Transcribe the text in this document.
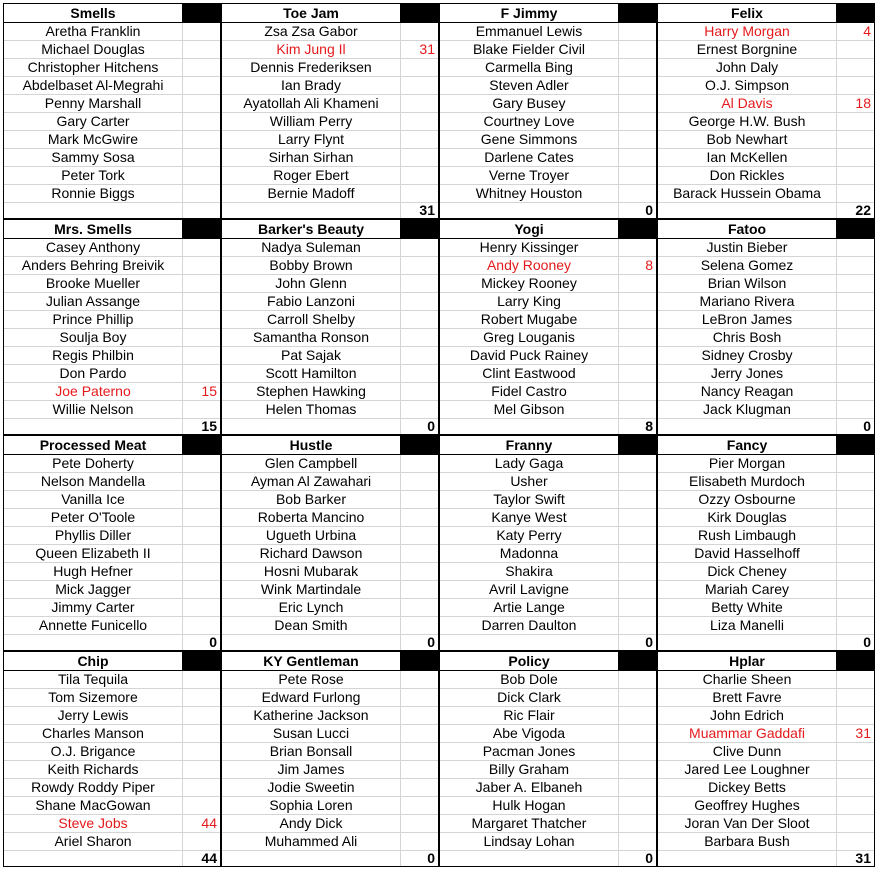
Smells
Aretha Franklin
Michael Douglas
Christopher Hitchens
Abdelbaset Al-Megrahi
Penny Marshall
Gary Carter
Mark McGwire
Sammy Sosa
Peter Tork
Ronnie Biggs
Toe Jam
Zsa Zsa Gabor
Kim Jung Il	31
Dennis Frederiksen
Ian Brady
Ayatollah Ali Khameni
William Perry
Larry Flynt
Sirhan Sirhan
Roger Ebert
Bernie Madoff
31
F Jimmy
Emmanuel Lewis
Blake Fielder Civil
Carmella Bing
Steven Adler
Gary Busey
Courtney Love
Gene Simmons
Darlene Cates
Verne Troyer
Whitney Houston
0
Felix
Harry Morgan	4
Ernest Borgnine
John Daly
O.J. Simpson
Al Davis	18
George H.W. Bush
Bob Newhart
Ian McKellen
Don Rickles
Barack Hussein Obama
22
Mrs. Smells
Casey Anthony
Anders Behring Breivik
Brooke Mueller
Julian Assange
Prince Phillip
Soulja Boy
Regis Philbin
Don Pardo
Joe Paterno	15
Willie Nelson
15
Barker's Beauty
Nadya Suleman
Bobby Brown
John Glenn
Fabio Lanzoni
Carroll Shelby
Samantha Ronson
Pat Sajak
Scott Hamilton
Stephen Hawking
Helen Thomas
0
Yogi
Henry Kissinger
Andy Rooney	8
Mickey Rooney
Larry King
Robert Mugabe
Greg Louganis
David Puck Rainey
Clint Eastwood
Fidel Castro
Mel Gibson
8
Fatoo
Justin Bieber
Selena Gomez
Brian Wilson
Mariano Rivera
LeBron James
Chris Bosh
Sidney Crosby
Jerry Jones
Nancy Reagan
Jack Klugman
0
Processed Meat
Pete Doherty
Nelson Mandella
Vanilla Ice
Peter O'Toole
Phyllis Diller
Queen Elizabeth II
Hugh Hefner
Mick Jagger
Jimmy Carter
Annette Funicello
0
Hustle
Glen Campbell
Ayman Al Zawahari
Bob Barker
Roberta Mancino
Ugueth Urbina
Richard Dawson
Hosni Mubarak
Wink Martindale
Eric Lynch
Dean Smith
0
Franny
Lady Gaga
Usher
Taylor Swift
Kanye West
Katy Perry
Madonna
Shakira
Avril Lavigne
Artie Lange
Darren Daulton
0
Fancy
Pier Morgan
Elisabeth Murdoch
Ozzy Osbourne
Kirk Douglas
Rush Limbaugh
David Hasselhoff
Dick Cheney
Mariah Carey
Betty White
Liza Manelli
0
Chip
Tila Tequila
Tom Sizemore
Jerry Lewis
Charles Manson
O.J. Brigance
Keith Richards
Rowdy Roddy Piper
Shane MacGowan
Steve Jobs	44
Ariel Sharon
44
KY Gentleman
Pete Rose
Edward Furlong
Katherine Jackson
Susan Lucci
Brian Bonsall
Jim James
Jodie Sweetin
Sophia Loren
Andy Dick
Muhammed Ali
0
Policy
Bob Dole
Dick Clark
Ric Flair
Abe Vigoda
Pacman Jones
Billy Graham
Jaber A. Elbaneh
Hulk Hogan
Margaret Thatcher
Lindsay Lohan
0
Hplar
Charlie Sheen
Brett Favre
John Edrich
Muammar Gaddafi	31
Clive Dunn
Jared Lee Loughner
Dickey Betts
Geoffrey Hughes
Joran Van Der Sloot
Barbara Bush
31
